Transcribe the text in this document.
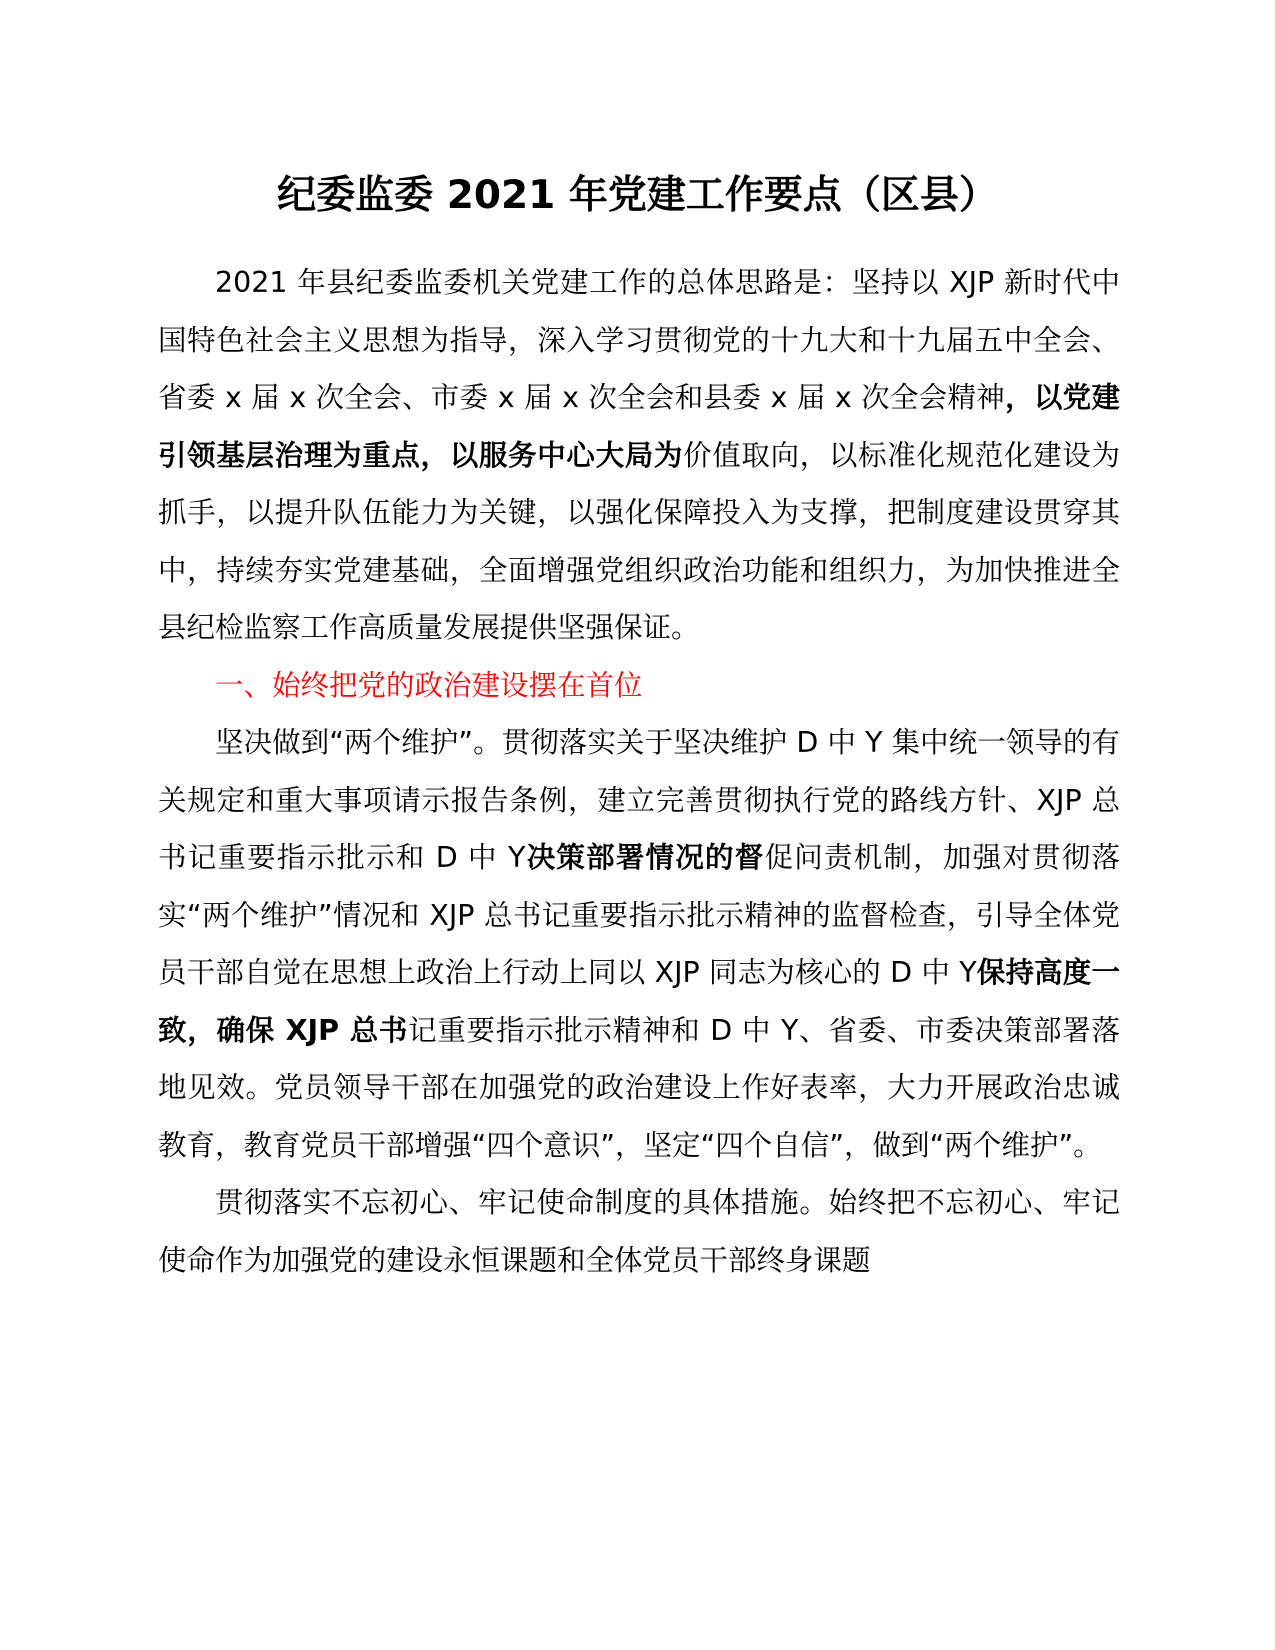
纪委监委 2021 年党建工作要点（区县）

2021 年县纪委监委机关党建工作的总体思路是：坚持以 XJP 新时代中国特色社会主义思想为指导，深入学习贯彻党的十九大和十九届五中全会、省委 x 届 x 次全会、市委 x 届 x 次全会和县委 x 届 x 次全会精神，以党建引领基层治理为重点，以服务中心大局为价值取向，以标准化规范化建设为抓手，以提升队伍能力为关键，以强化保障投入为支撑，把制度建设贯穿其中，持续夯实党建基础，全面增强党组织政治功能和组织力，为加快推进全县纪检监察工作高质量发展提供坚强保证。

一、始终把党的政治建设摆在首位

坚决做到“两个维护”。贯彻落实关于坚决维护 D 中 Y 集中统一领导的有关规定和重大事项请示报告条例，建立完善贯彻执行党的路线方针、XJP 总书记重要指示批示和 D 中 Y决策部署情况的督促问责机制，加强对贯彻落实“两个维护”情况和 XJP 总书记重要指示批示精神的监督检查，引导全体党员干部自觉在思想上政治上行动上同以 XJP 同志为核心的 D 中 Y保持高度一致，确保 XJP 总书记重要指示批示精神和 D 中 Y、省委、市委决策部署落地见效。党员领导干部在加强党的政治建设上作好表率，大力开展政治忠诚教育，教育党员干部增强“四个意识”，坚定“四个自信”，做到“两个维护”。

贯彻落实不忘初心、牢记使命制度的具体措施。始终把不忘初心、牢记使命作为加强党的建设永恒课题和全体党员干部终身课题
